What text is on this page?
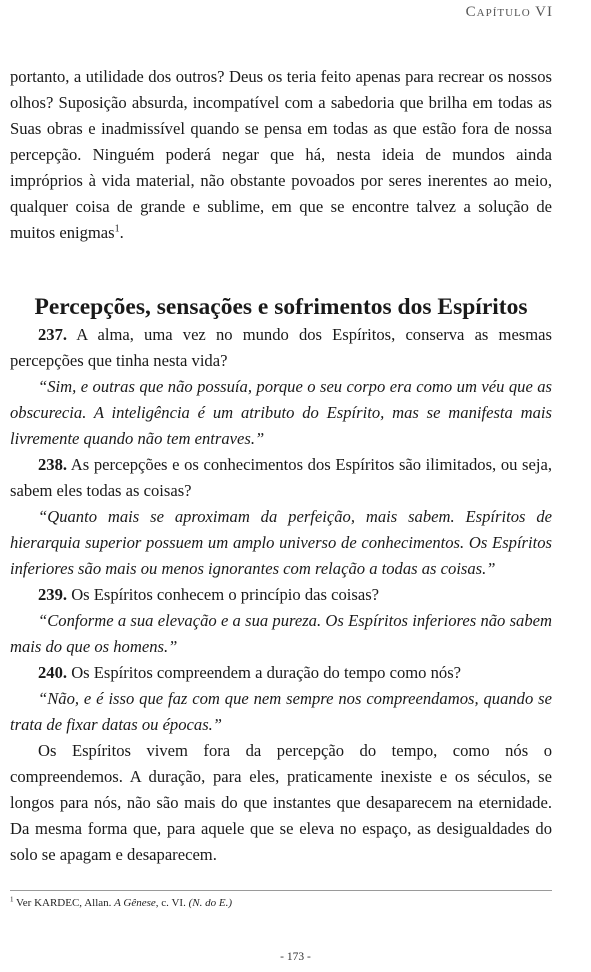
Capítulo VI

portanto, a utilidade dos outros? Deus os teria feito apenas para recrear os nossos olhos? Suposição absurda, incompatível com a sabedoria que brilha em todas as Suas obras e inadmissível quando se pensa em todas as que estão fora de nossa percepção. Ninguém poderá negar que há, nesta ideia de mundos ainda impróprios à vida material, não obstante povoados por seres inerentes ao meio, qualquer coisa de grande e sublime, em que se encontre talvez a solução de muitos enigmas$^1$.

Percepções, sensações e sofrimentos dos Espíritos

237. A alma, uma vez no mundo dos Espíritos, conserva as mesmas percepções que tinha nesta vida?

“Sim, e outras que não possuía, porque o seu corpo era como um véu que as obscurecia. A inteligência é um atributo do Espírito, mas se manifesta mais livremente quando não tem entraves.”

238. As percepções e os conhecimentos dos Espíritos são ilimitados, ou seja, sabem eles todas as coisas?

“Quanto mais se aproximam da perfeição, mais sabem. Espíritos de hierarquia superior possuem um amplo universo de conhecimentos. Os Espíritos inferiores são mais ou menos ignorantes com relação a todas as coisas.”

239. Os Espíritos conhecem o princípio das coisas?

“Conforme a sua elevação e a sua pureza. Os Espíritos inferiores não sabem mais do que os homens.”

240. Os Espíritos compreendem a duração do tempo como nós?

“Não, e é isso que faz com que nem sempre nos compreendamos, quando se trata de fixar datas ou épocas.”

Os Espíritos vivem fora da percepção do tempo, como nós o compreendemos. A duração, para eles, praticamente inexiste e os séculos, se longos para nós, não são mais do que instantes que desaparecem na eternidade. Da mesma forma que, para aquele que se eleva no espaço, as desigualdades do solo se apagam e desaparecem.

$^1$ Ver KARDEC, Allan. A Gênese, c. VI. (N. do E.)
- 173 -
